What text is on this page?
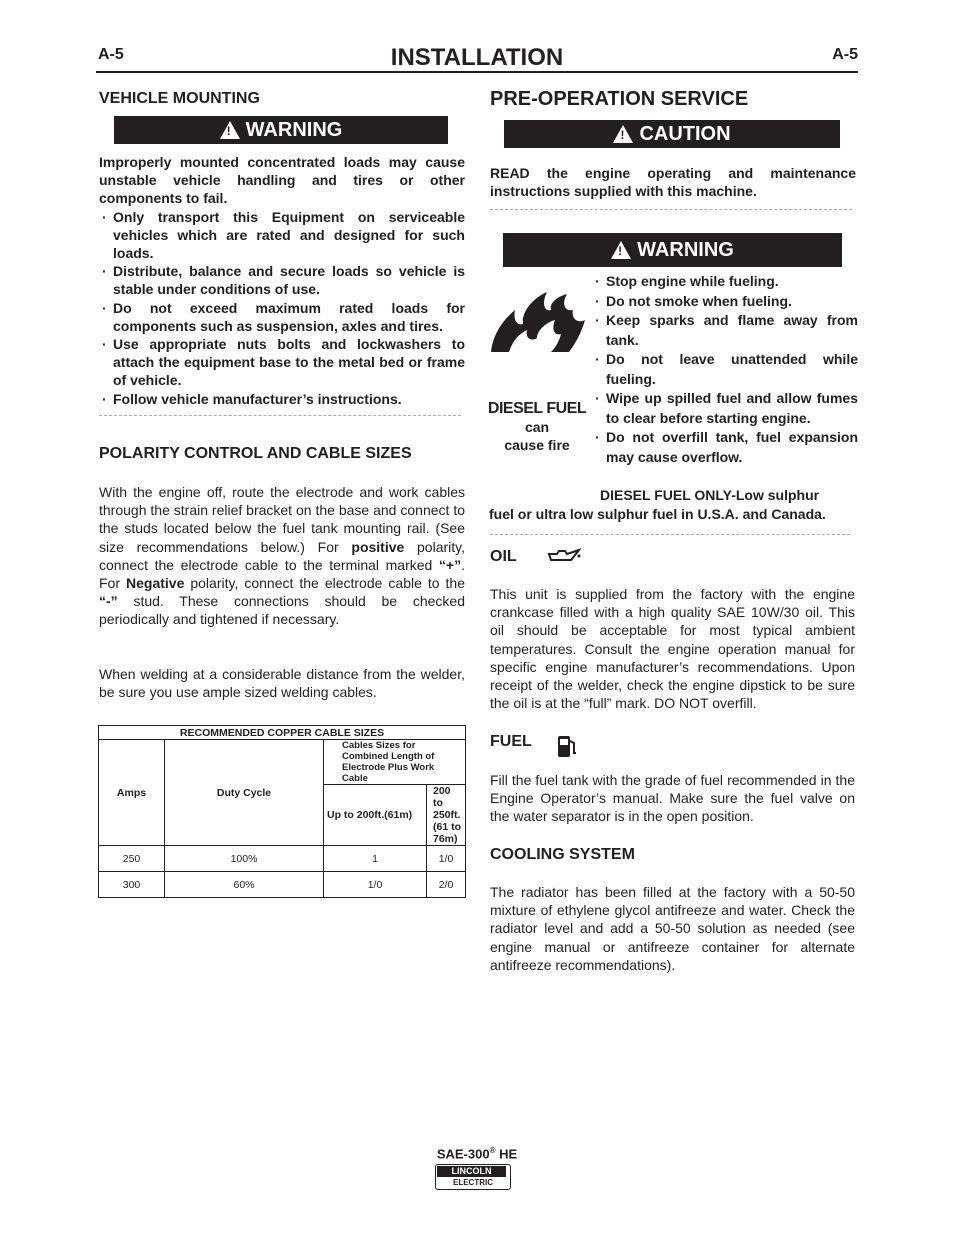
A-5	INSTALLATION	A-5
VEHICLE MOUNTING
!
WARNING
Improperly mounted concentrated loads may cause unstable vehicle handling and tires or other components to fail.
· Only transport this Equipment on serviceable vehicles which are rated and designed for such loads.
· Distribute, balance and secure loads so vehicle is stable under conditions of use.
· Do not exceed maximum rated loads for components such as suspension, axles and tires.
· Use appropriate nuts bolts and lockwashers to attach the equipment base to the metal bed or frame of vehicle.
· Follow vehicle manufacturer’s instructions.
POLARITY CONTROL AND CABLE SIZES
With the engine off, route the electrode and work cables through the strain relief bracket on the base and connect to the studs located below the fuel tank mounting rail. (See size recommendations below.) For positive polarity, connect the electrode cable to the terminal marked “+”. For Negative polarity, connect the electrode cable to the “-” stud. These connections should be checked periodically and tightened if necessary.
When welding at a considerable distance from the welder, be sure you use ample sized welding cables.
RECOMMENDED COPPER CABLE SIZES			
Amps	Duty Cycle	Cables Sizes for Combined Length of Electrode Plus Work Cable	
		Up to 200ft.(61m)	200 to 250ft. (61 to 76m)
250	100%	1	1/0
300	60%	1/0	2/0
PRE-OPERATION SERVICE
!
CAUTION
READ the engine operating and maintenance instructions supplied with this machine.
!
WARNING
DIESEL FUEL
can
cause fire
· Stop engine while fueling.
· Do not smoke when fueling.
· Keep sparks and flame away from tank.
· Do not leave unattended while fueling.
· Wipe up spilled fuel and allow fumes to clear before starting engine.
· Do not overfill tank, fuel expansion may cause overflow.
DIESEL FUEL ONLY-Low sulphur
fuel or ultra low sulphur fuel in U.S.A. and Canada.
OIL
This unit is supplied from the factory with the engine crankcase filled with a high quality SAE 10W/30 oil. This oil should be acceptable for most typical ambient temperatures. Consult the engine operation manual for specific engine manufacturer’s recommendations. Upon receipt of the welder, check the engine dipstick to be sure the oil is at the “full” mark. DO NOT overfill.
FUEL
Fill the fuel tank with the grade of fuel recommended in the Engine Operator’s manual. Make sure the fuel valve on the water separator is in the open position.
COOLING SYSTEM
The radiator has been filled at the factory with a 50-50 mixture of ethylene glycol antifreeze and water. Check the radiator level and add a 50-50 solution as needed (see engine manual or antifreeze container for alternate antifreeze recommendations).
SAE-300® HE
LINCOLN
ELECTRIC
